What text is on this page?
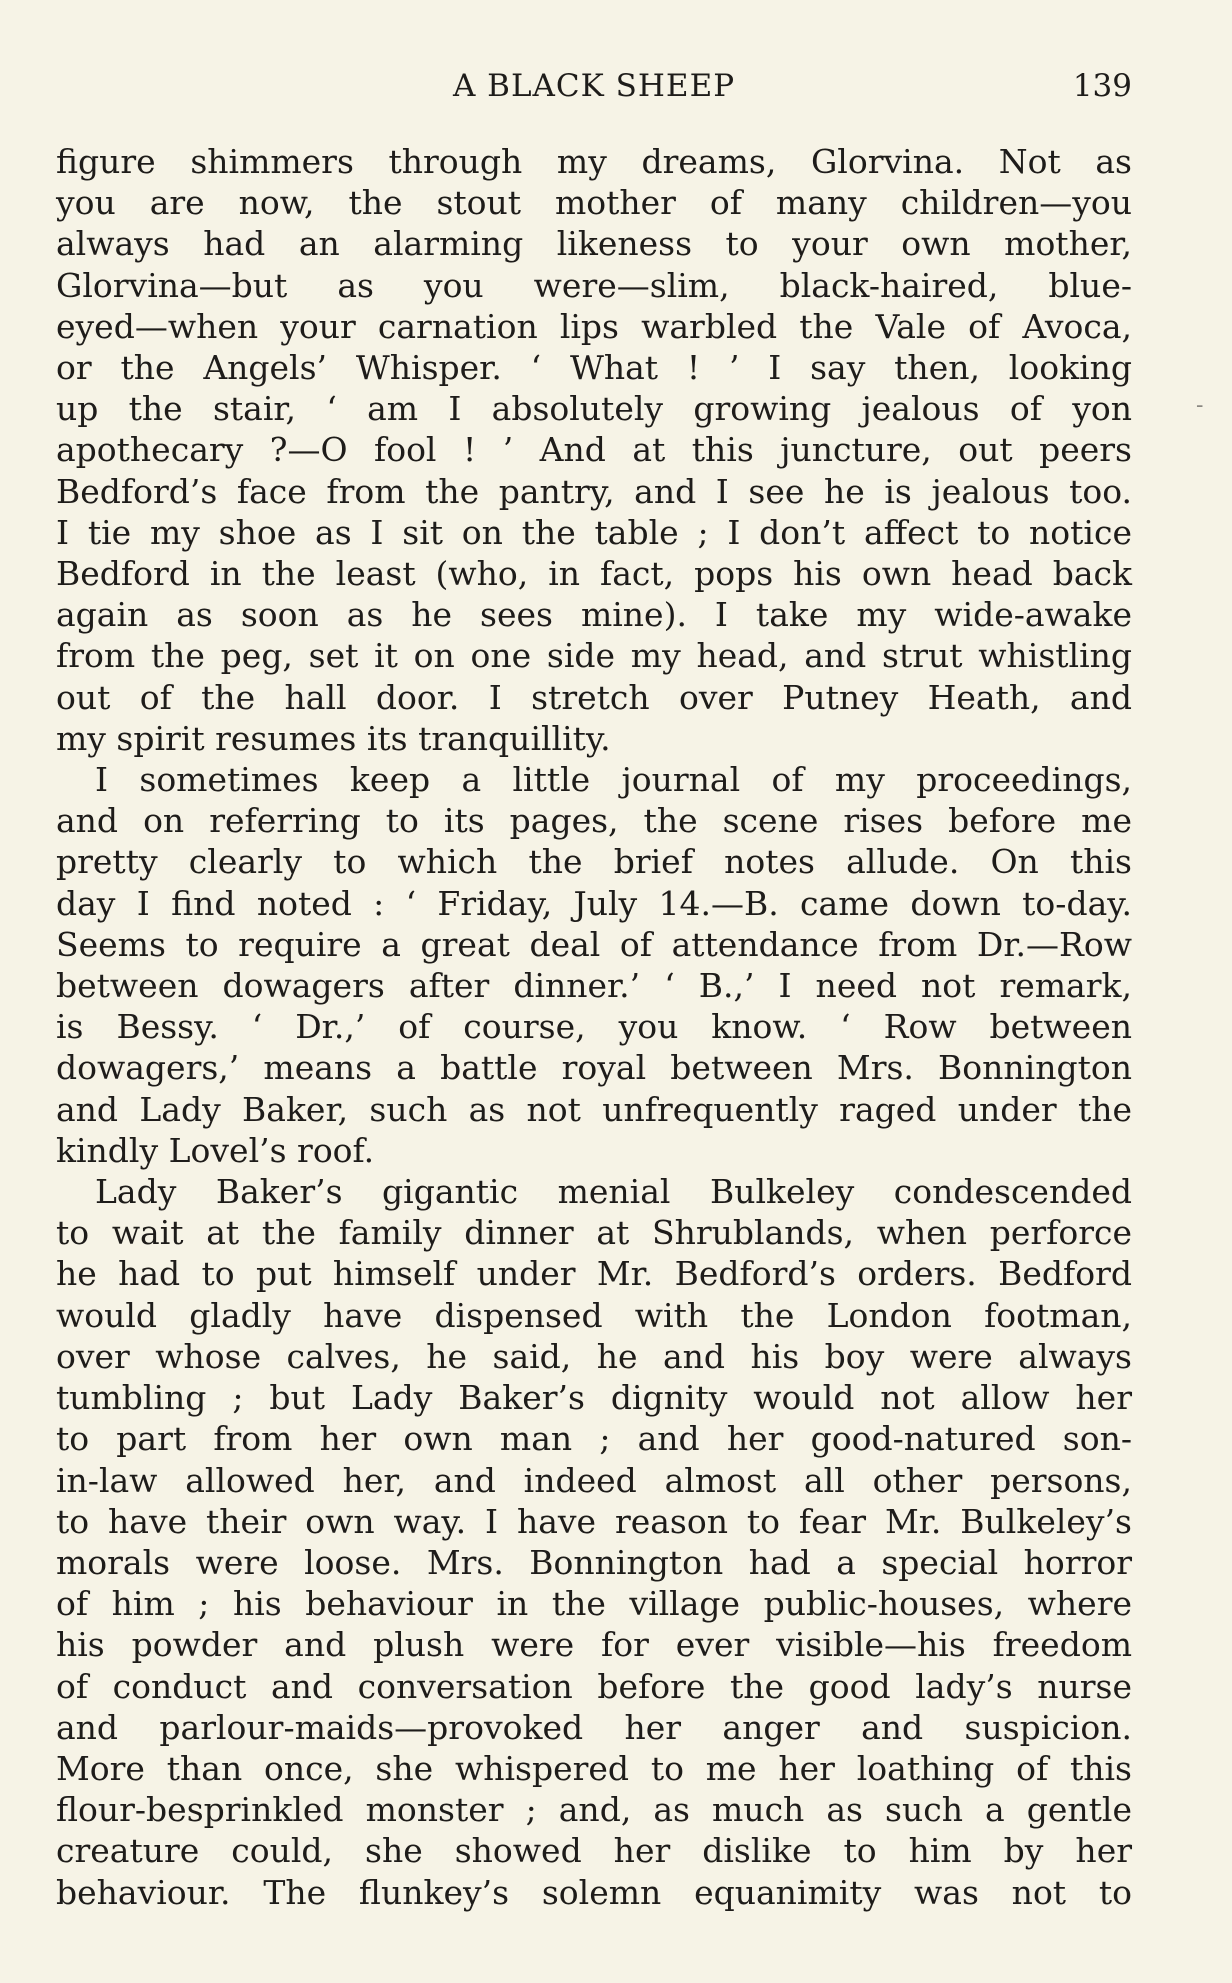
A BLACK SHEEP	139
-
figure shimmers through my dreams, Glorvina. Not as
you are now, the stout mother of many children—you
always had an alarming likeness to your own mother,
Glorvina—but as you were—slim, black-haired, blue-
eyed—when your carnation lips warbled the Vale of Avoca,
or the Angels’ Whisper. ‘ What ! ’ I say then, looking
up the stair, ‘ am I absolutely growing jealous of yon
apothecary ?—O fool ! ’ And at this juncture, out peers
Bedford’s face from the pantry, and I see he is jealous too.
I tie my shoe as I sit on the table ; I don’t affect to notice
Bedford in the least (who, in fact, pops his own head back
again as soon as he sees mine). I take my wide-awake
from the peg, set it on one side my head, and strut whistling
out of the hall door. I stretch over Putney Heath, and
my spirit resumes its tranquillity.
I sometimes keep a little journal of my proceedings,
and on referring to its pages, the scene rises before me
pretty clearly to which the brief notes allude. On this
day I find noted : ‘ Friday, July 14.—B. came down to-day.
Seems to require a great deal of attendance from Dr.—Row
between dowagers after dinner.’ ‘ B.,’ I need not remark,
is Bessy. ‘ Dr.,’ of course, you know. ‘ Row between
dowagers,’ means a battle royal between Mrs. Bonnington
and Lady Baker, such as not unfrequently raged under the
kindly Lovel’s roof.
Lady Baker’s gigantic menial Bulkeley condescended
to wait at the family dinner at Shrublands, when perforce
he had to put himself under Mr. Bedford’s orders. Bedford
would gladly have dispensed with the London footman,
over whose calves, he said, he and his boy were always
tumbling ; but Lady Baker’s dignity would not allow her
to part from her own man ; and her good-natured son-
in-law allowed her, and indeed almost all other persons,
to have their own way. I have reason to fear Mr. Bulkeley’s
morals were loose. Mrs. Bonnington had a special horror
of him ; his behaviour in the village public-houses, where
his powder and plush were for ever visible—his freedom
of conduct and conversation before the good lady’s nurse
and parlour-maids—provoked her anger and suspicion.
More than once, she whispered to me her loathing of this
flour-besprinkled monster ; and, as much as such a gentle
creature could, she showed her dislike to him by her
behaviour. The flunkey’s solemn equanimity was not to
